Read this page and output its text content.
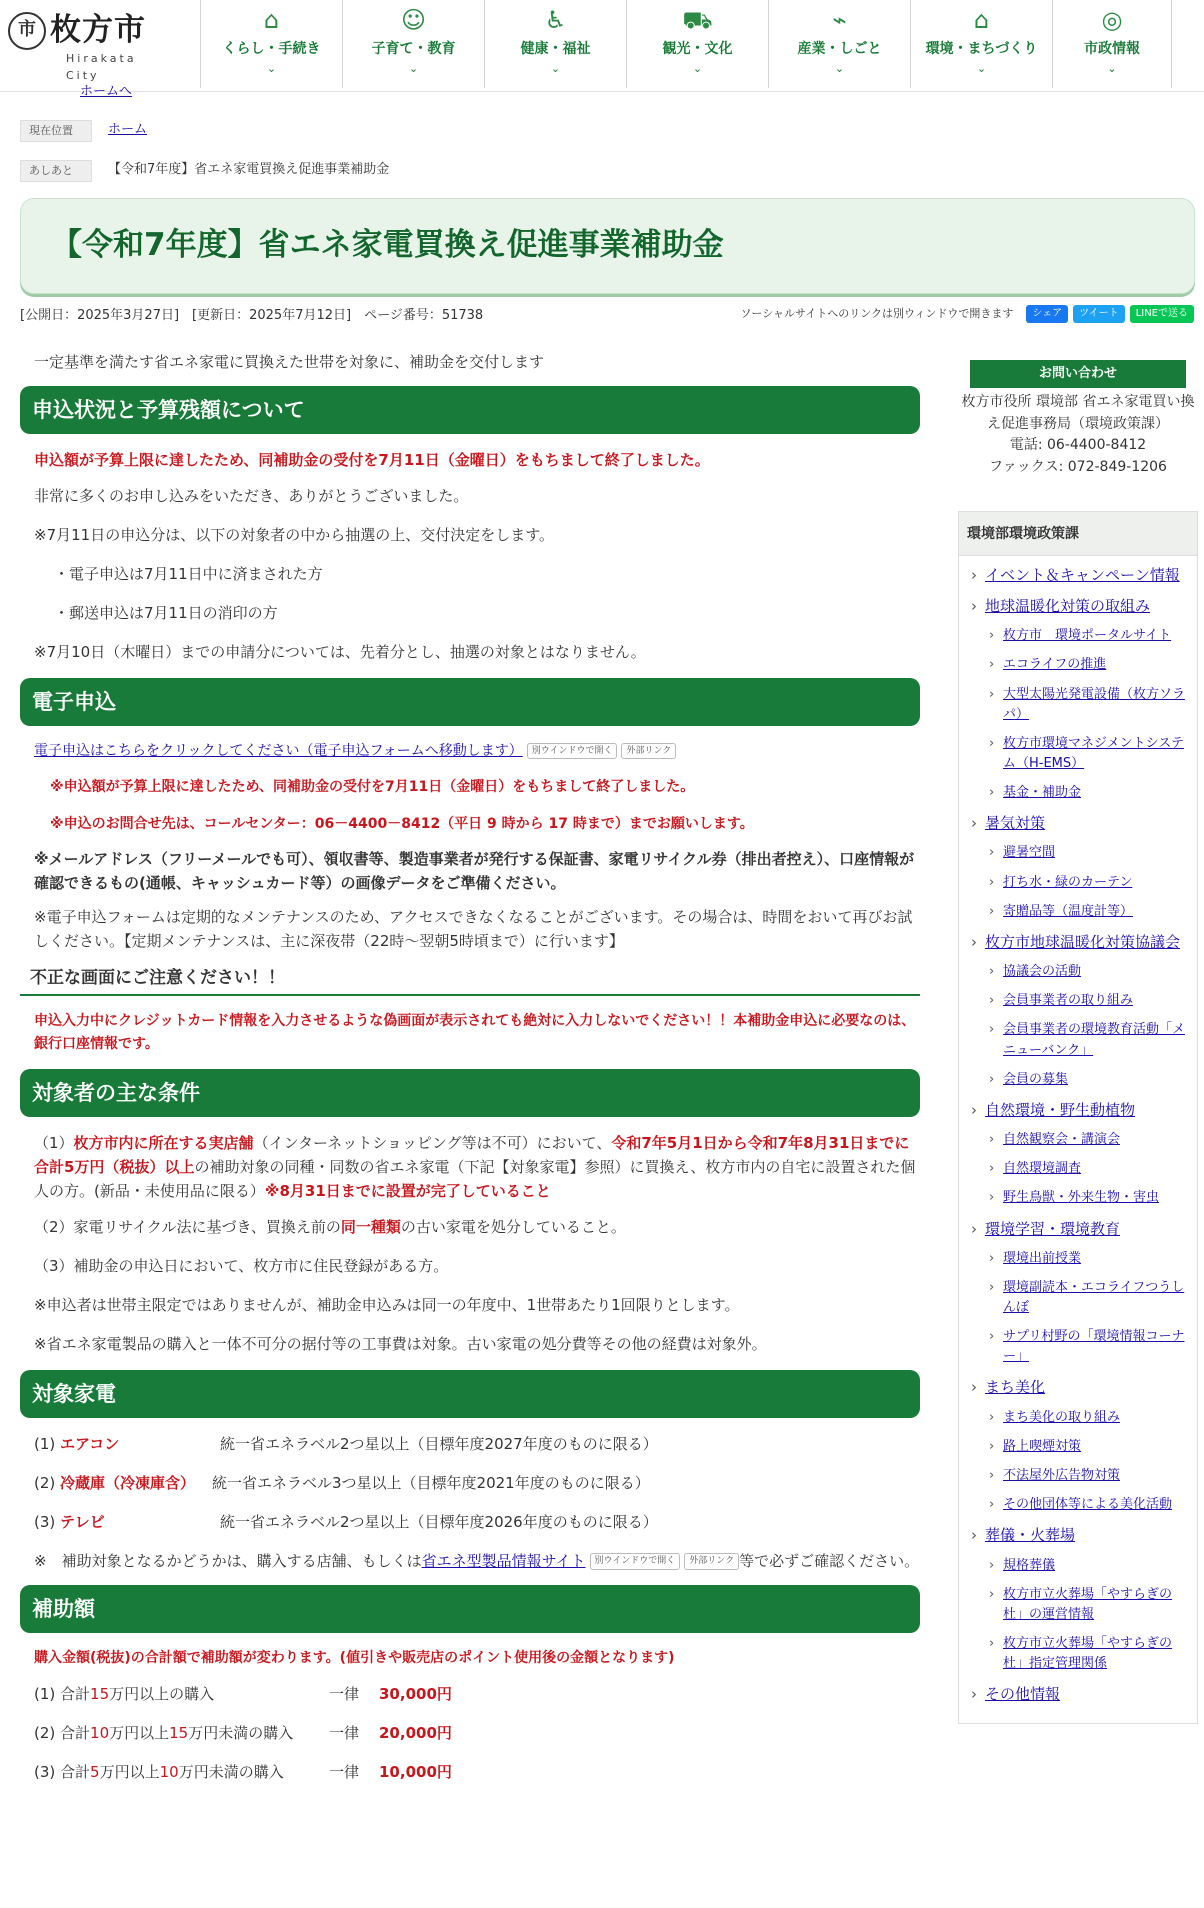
市 枚方市
Hirakata City
ホームへ
⌂
くらし・手続き
⌄
☺
子育て・教育
⌄
♿
健康・福祉
⌄
⛟
観光・文化
⌄
⌁
産業・しごと
⌄
⌂
環境・まちづくり
⌄
◎
市政情報
⌄
現在位置	ホーム
あしあと	【令和7年度】省エネ家電買換え促進事業補助金
【令和7年度】省エネ家電買換え促進事業補助金
[公開日：2025年3月27日]　[更新日：2025年7月12日]　ページ番号：51738	ソーシャルサイトへのリンクは別ウィンドウで開きます	シェア	ツイート	LINEで送る

一定基準を満たす省エネ家電に買換えた世帯を対象に、補助金を交付します

申込状況と予算残額について

申込額が予算上限に達したため、同補助金の受付を7月11日（金曜日）をもちまして終了しました。

非常に多くのお申し込みをいただき、ありがとうございました。

※7月11日の申込分は、以下の対象者の中から抽選の上、交付決定をします。

・電子申込は7月11日中に済まされた方

・郵送申込は7月11日の消印の方

※7月10日（木曜日）までの申請分については、先着分とし、抽選の対象とはなりません。

電子申込

電子申込はこちらをクリックしてください（電子申込フォームへ移動します） 別ウインドウで開く 外部リンク

※申込額が予算上限に達したため、同補助金の受付を7月11日（金曜日）をもちまして終了しました。

※申込のお問合せ先は、コールセンター：06－4400－8412（平日 9 時から 17 時まで）までお願いします。

※メールアドレス（フリーメールでも可）、領収書等、製造事業者が発行する保証書、家電リサイクル券（排出者控え）、口座情報が確認できるもの(通帳、キャッシュカード等）の画像データをご準備ください。

※電子申込フォームは定期的なメンテナンスのため、アクセスできなくなることがございます。その場合は、時間をおいて再びお試しください。【定期メンテナンスは、主に深夜帯（22時～翌朝5時頃まで）に行います】

不正な画面にご注意ください！！

申込入力中にクレジットカード情報を入力させるような偽画面が表示されても絶対に入力しないでください！！本補助金申込に必要なのは、銀行口座情報です。

対象者の主な条件

（1）枚方市内に所在する実店舗（インターネットショッピング等は不可）において、令和7年5月1日から令和7年8月31日までに合計5万円（税抜）以上の補助対象の同種・同数の省エネ家電（下記【対象家電】参照）に買換え、枚方市内の自宅に設置された個人の方。(新品・未使用品に限る）※8月31日までに設置が完了していること

（2）家電リサイクル法に基づき、買換え前の同一種類の古い家電を処分していること。

（3）補助金の申込日において、枚方市に住民登録がある方。

※申込者は世帯主限定ではありませんが、補助金申込みは同一の年度中、1世帯あたり1回限りとします。

※省エネ家電製品の購入と一体不可分の据付等の工事費は対象。古い家電の処分費等その他の経費は対象外。

対象家電
(1) エアコン	統一省エネラベル2つ星以上（目標年度2027年度のものに限る）
(2) 冷蔵庫（冷凍庫含）	統一省エネラベル3つ星以上（目標年度2021年度のものに限る）
(3) テレビ	統一省エネラベル2つ星以上（目標年度2026年度のものに限る）

※　補助対象となるかどうかは、購入する店舗、もしくは省エネ型製品情報サイト 別ウインドウで開く 外部リンク 等で必ずご確認ください。

補助額

購入金額(税抜)の合計額で補助額が変わります。(値引きや販売店のポイント使用後の金額となります)

(1) 合計15万円以上の購入	一律	30,000円
(2) 合計10万円以上15万円未満の購入	一律	20,000円
(3) 合計5万円以上10万円未満の購入	一律	10,000円
お問い合わせ
枚方市役所 環境部 省エネ家電買い換え促進事務局（環境政策課）
電話: 06-4400-8412
ファックス: 072-849-1206
環境部環境政策課
› イベント＆キャンペーン情報
› 地球温暖化対策の取組み
› 枚方市　環境ポータルサイト
› エコライフの推進
› 大型太陽光発電設備（枚方ソラパ）
› 枚方市環境マネジメントシステム（H-EMS）
› 基金・補助金
› 暑気対策
› 避暑空間
› 打ち水・緑のカーテン
› 寄贈品等（温度計等）
› 枚方市地球温暖化対策協議会
› 協議会の活動
› 会員事業者の取り組み
› 会員事業者の環境教育活動「メニューバンク」
› 会員の募集
› 自然環境・野生動植物
› 自然観察会・講演会
› 自然環境調査
› 野生鳥獣・外来生物・害虫
› 環境学習・環境教育
› 環境出前授業
› 環境副読本・エコライフつうしんぼ
› サプリ村野の「環境情報コーナー」
› まち美化
› まち美化の取り組み
› 路上喫煙対策
› 不法屋外広告物対策
› その他団体等による美化活動
› 葬儀・火葬場
› 規格葬儀
› 枚方市立火葬場「やすらぎの杜」の運営情報
› 枚方市立火葬場「やすらぎの杜」指定管理関係
› その他情報
